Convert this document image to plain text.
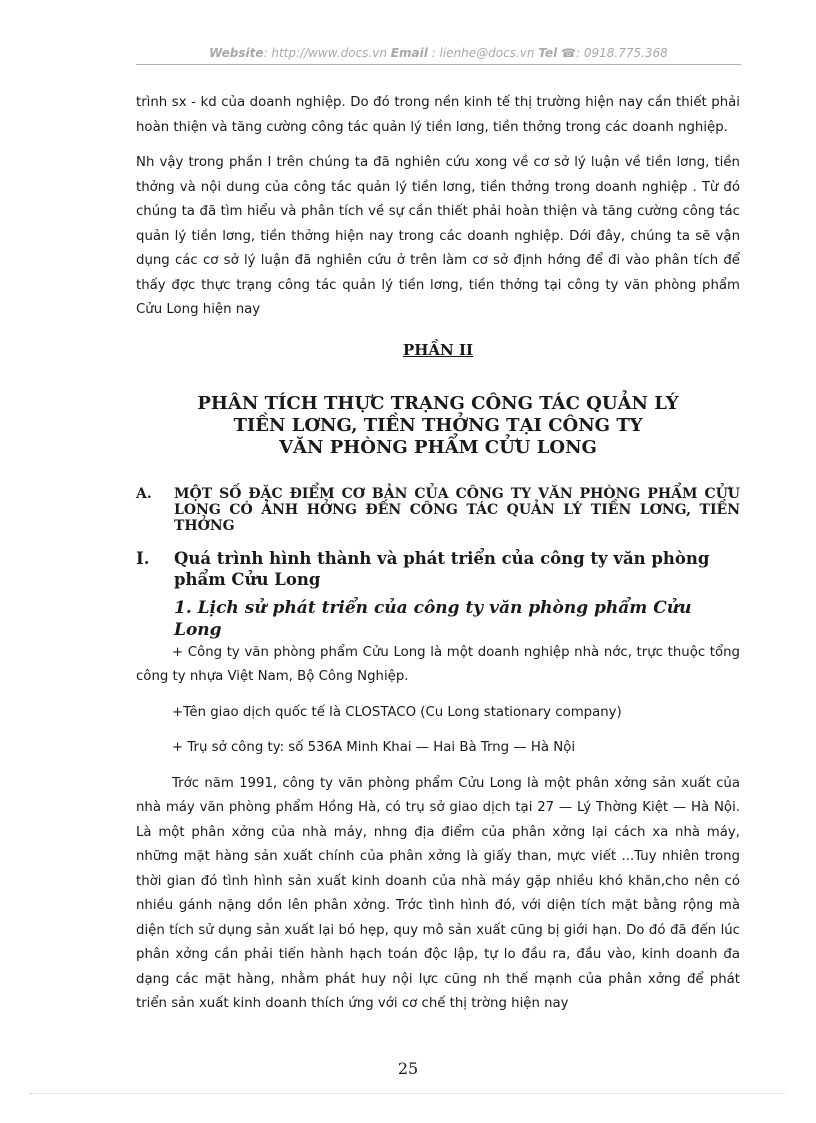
Website: http://www.docs.vn Email : lienhe@docs.vn Tel ☎: 0918.775.368

trình sx - kd của doanh nghiệp. Do đó trong nền kinh tế thị trường hiện nay cần thiết phải hoàn thiện và tăng cường công tác quản lý tiền lơng, tiền thởng trong các doanh nghiệp.

Nh vậy trong phần I trên chúng ta đã nghiên cứu xong về cơ sở lý luận về tiền lơng, tiền thởng và nội dung của công tác quản lý tiền lơng, tiền thởng trong doanh nghiệp . Từ đó chúng ta đã tìm hiểu và phân tích về sự cần thiết phải hoàn thiện và tăng cường công tác quản lý tiền lơng, tiền thởng hiện nay trong các doanh nghiệp. Dới đây, chúng ta sẽ vận dụng các cơ sở lý luận đã nghiên cứu ở trên làm cơ sở định hớng để đi vào phân tích để thấy đợc thực trạng công tác quản lý tiền lơng, tiền thởng tại công ty văn phòng phẩm Cửu Long hiện nay

PHẦN II
PHÂN TÍCH THỰC TRẠNG CÔNG TÁC QUẢN LÝ
TIỀN LƠNG, TIỀN THỞNG TẠI CÔNG TY
VĂN PHÒNG PHẨM CỬU LONG
A.	MỘT SỐ ĐẶC ĐIỂM CƠ BẢN CỦA CÔNG TY VĂN PHÒNG PHẨM CỬU LONG CÓ ẢNH HỞNG ĐẾN CÔNG TÁC QUẢN LÝ TIỀN LƠNG, TIỀN THỞNG
I.	Quá trình hình thành và phát triển của công ty văn phòng phẩm Cửu Long
1. Lịch sử phát triển của công ty văn phòng phẩm Cửu Long

+ Công ty văn phòng phẩm Cửu Long là một doanh nghiệp nhà nớc, trực thuộc tổng công ty nhựa Việt Nam, Bộ Công Nghiệp.

+Tên giao dịch quốc tế là CLOSTACO (Cu Long stationary company)

+ Trụ sở công ty: số 536A Minh Khai — Hai Bà Trng — Hà Nội

Trớc năm 1991, công ty văn phòng phẩm Cửu Long là một phân xởng sản xuất của nhà máy văn phòng phẩm Hồng Hà, có trụ sở giao dịch tại 27 — Lý Thờng Kiệt — Hà Nội. Là một phân xởng của nhà máy, nhng địa điểm của phân xởng lại cách xa nhà máy, những mặt hàng sản xuất chính của phân xởng là giấy than, mực viết ...Tuy nhiên trong thời gian đó tình hình sản xuất kinh doanh của nhà máy gặp nhiều khó khăn,cho nên có nhiều gánh nặng dồn lên phân xởng. Trớc tình hình đó, với diện tích mặt bằng rộng mà diện tích sử dụng sản xuất lại bó hẹp, quy mô sản xuất cũng bị giới hạn. Do đó đã đến lúc phân xởng cần phải tiến hành hạch toán độc lập, tự lo đầu ra, đầu vào, kinh doanh đa dạng các mặt hàng, nhằm phát huy nội lực cũng nh thế mạnh của phân xởng để phát triển sản xuất kinh doanh thích ứng với cơ chế thị trờng hiện nay

25
